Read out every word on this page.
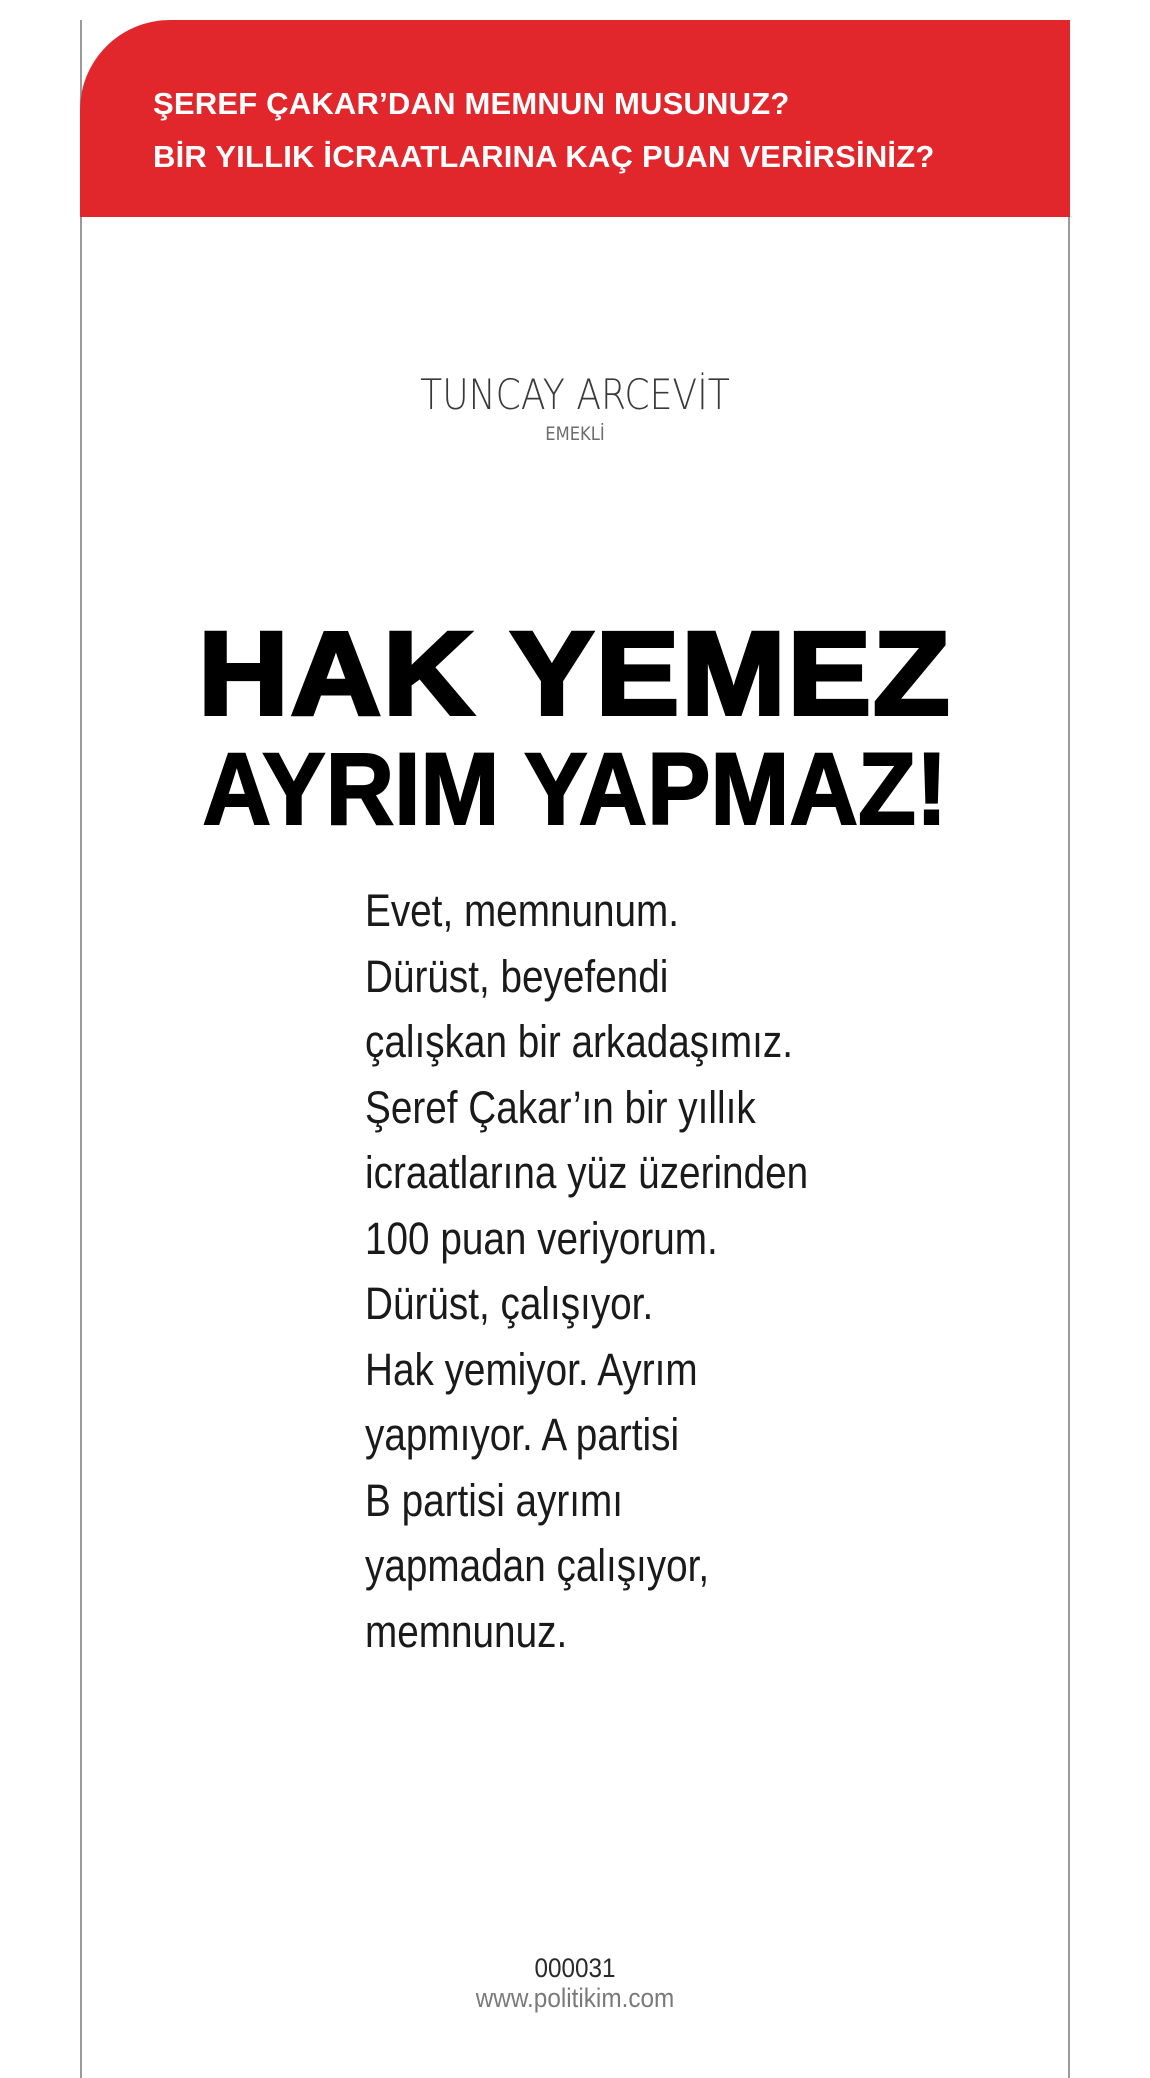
ŞEREF ÇAKAR’DAN MEMNUN MUSUNUZ?
BİR YILLIK İCRAATLARINA KAÇ PUAN VERİRSİNİZ?
TUNCAY ARCEVİT
EMEKLİ
HAK YEMEZ
AYRIM YAPMAZ!
Evet, memnunum.
Dürüst, beyefendi
çalışkan bir arkadaşımız.
Şeref Çakar’ın bir yıllık
icraatlarına yüz üzerinden
100 puan veriyorum.
Dürüst, çalışıyor.
Hak yemiyor. Ayrım
yapmıyor. A partisi
B partisi ayrımı
yapmadan çalışıyor,
memnunuz.
000031
www.politikim.com
